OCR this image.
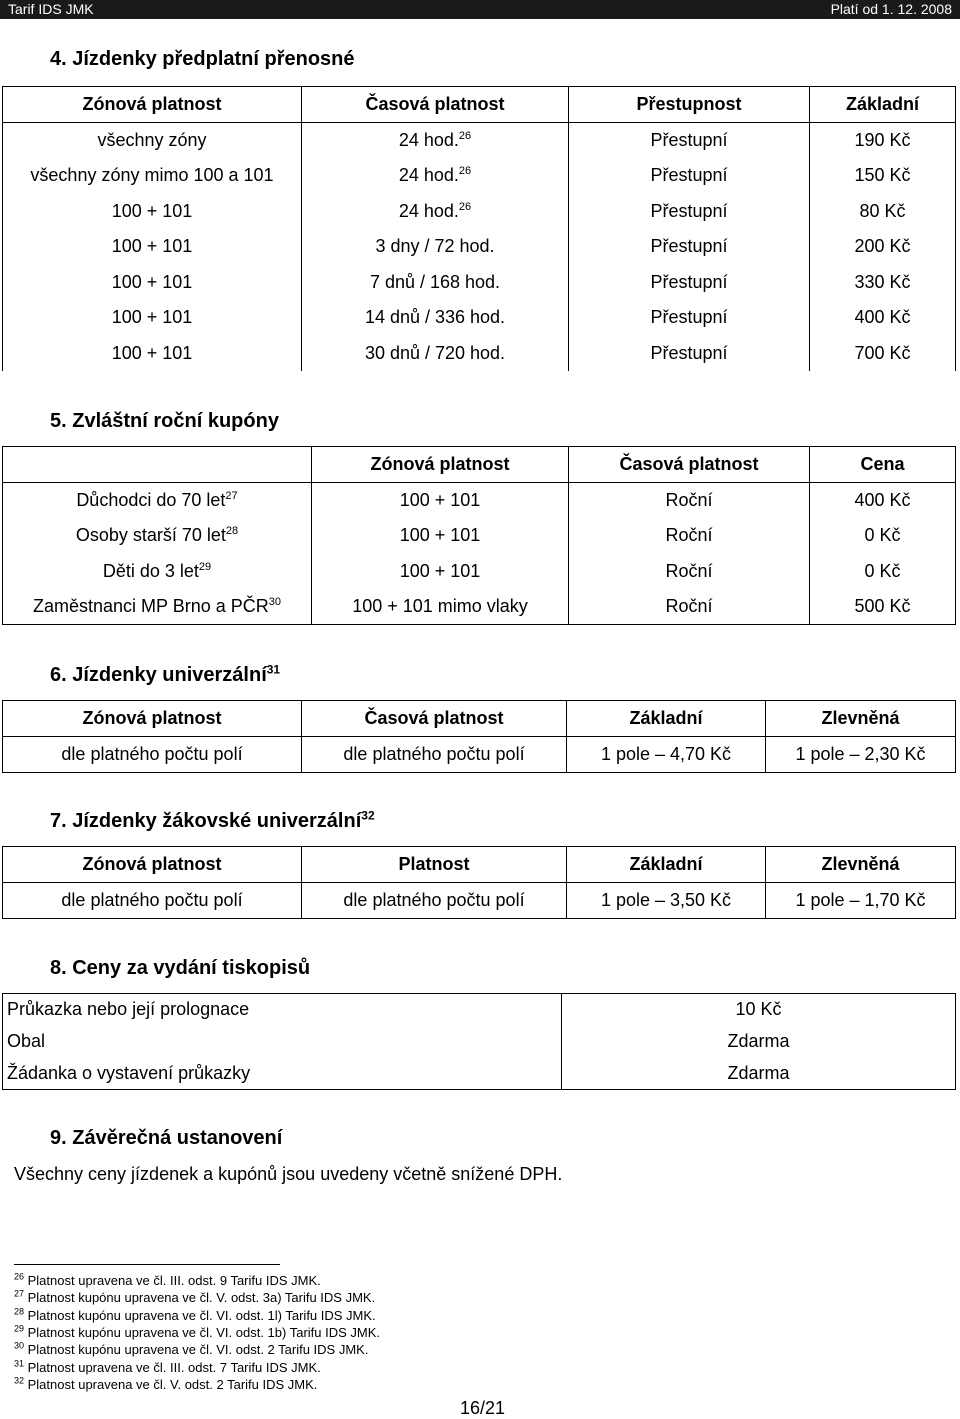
Tarif IDS JMK	Platí od 1. 12. 2008
4. Jízdenky předplatní přenosné
Zónová platnost	Časová platnost	Přestupnost	Základní
všechny zóny	24 hod.$^{26}$	Přestupní	190 Kč
všechny zóny mimo 100 a 101	24 hod.$^{26}$	Přestupní	150 Kč
100 + 101	24 hod.$^{26}$	Přestupní	80 Kč
100 + 101	3 dny / 72 hod.	Přestupní	200 Kč
100 + 101	7 dnů / 168 hod.	Přestupní	330 Kč
100 + 101	14 dnů / 336 hod.	Přestupní	400 Kč
100 + 101	30 dnů / 720 hod.	Přestupní	700 Kč
5. Zvláštní roční kupóny
	Zónová platnost	Časová platnost	Cena
Důchodci do 70 let$^{27}$	100 + 101	Roční	400 Kč
Osoby starší 70 let$^{28}$	100 + 101	Roční	0 Kč
Děti do 3 let$^{29}$	100 + 101	Roční	0 Kč
Zaměstnanci MP Brno a PČR$^{30}$	100 + 101 mimo vlaky	Roční	500 Kč
6. Jízdenky univerzální$^{31}$
Zónová platnost	Časová platnost	Základní	Zlevněná
dle platného počtu polí	dle platného počtu polí	1 pole – 4,70 Kč	1 pole – 2,30 Kč
7. Jízdenky žákovské univerzální$^{32}$
Zónová platnost	Platnost	Základní	Zlevněná
dle platného počtu polí	dle platného počtu polí	1 pole – 3,50 Kč	1 pole – 1,70 Kč
8. Ceny za vydání tiskopisů
Průkazka nebo její prolognace	10 Kč
Obal	Zdarma
Žádanka o vystavení průkazky	Zdarma
9. Závěrečná ustanovení
Všechny ceny jízdenek a kupónů jsou uvedeny včetně snížené DPH.
$^{26}$ Platnost upravena ve čl. III. odst. 9 Tarifu IDS JMK.
$^{27}$ Platnost kupónu upravena ve čl. V. odst. 3a) Tarifu IDS JMK.
$^{28}$ Platnost kupónu upravena ve čl. VI. odst. 1l) Tarifu IDS JMK.
$^{29}$ Platnost kupónu upravena ve čl. VI. odst. 1b) Tarifu IDS JMK.
$^{30}$ Platnost kupónu upravena ve čl. VI. odst. 2 Tarifu IDS JMK.
$^{31}$ Platnost upravena ve čl. III. odst. 7 Tarifu IDS JMK.
$^{32}$ Platnost upravena ve čl. V. odst. 2 Tarifu IDS JMK.
16/21
